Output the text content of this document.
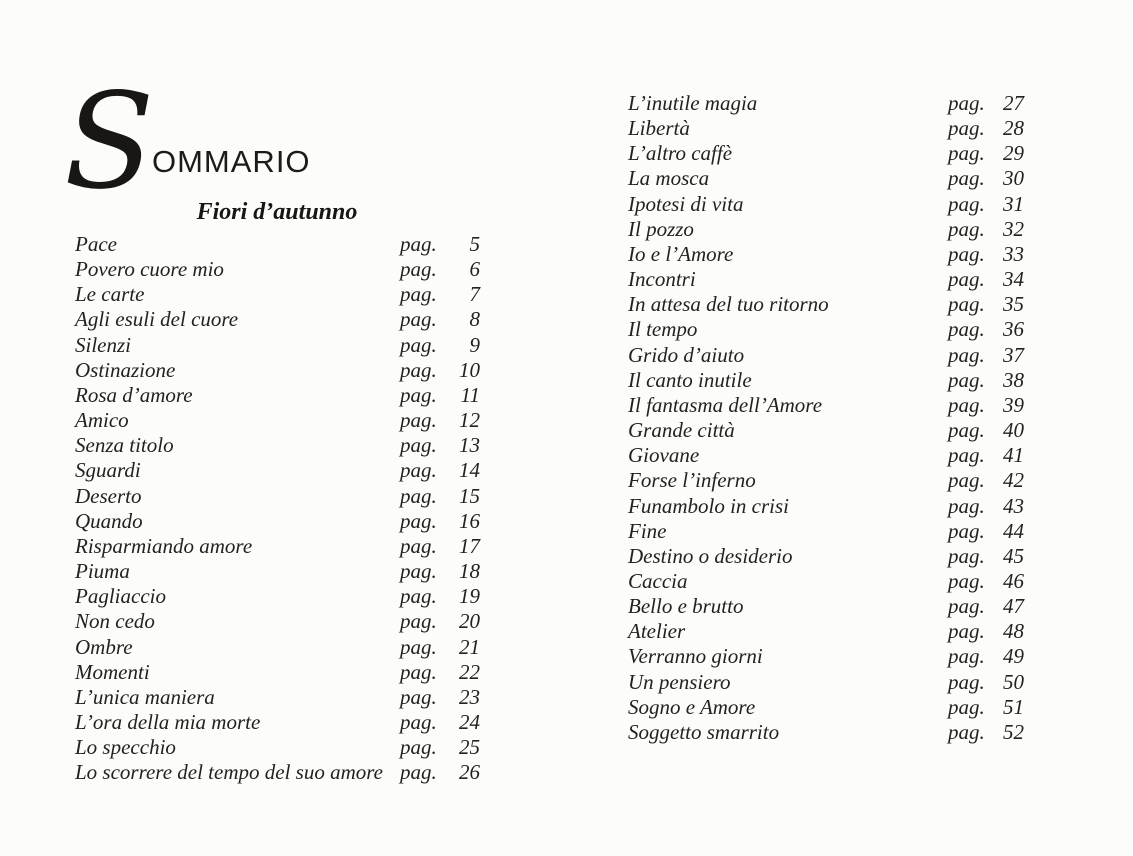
S
OMMARIO
Fiori d’autunno
Pace	pag.	5
Povero cuore mio	pag.	6
Le carte	pag.	7
Agli esuli del cuore	pag.	8
Silenzi	pag.	9
Ostinazione	pag.	10
Rosa d’amore	pag.	11
Amico	pag.	12
Senza titolo	pag.	13
Sguardi	pag.	14
Deserto	pag.	15
Quando	pag.	16
Risparmiando amore	pag.	17
Piuma	pag.	18
Pagliaccio	pag.	19
Non cedo	pag.	20
Ombre	pag.	21
Momenti	pag.	22
L’unica maniera	pag.	23
L’ora della mia morte	pag.	24
Lo specchio	pag.	25
Lo scorrere del tempo del suo amore pag.	26
L’inutile magia	pag. 27
Libertà	pag. 28
L’altro caffè	pag. 29
La mosca	pag. 30
Ipotesi di vita	pag. 31
Il pozzo	pag. 32
Io e l’Amore	pag. 33
Incontri	pag. 34
In attesa del tuo ritorno	pag. 35
Il tempo	pag. 36
Grido d’aiuto	pag. 37
Il canto inutile	pag. 38
Il fantasma dell’Amore	pag. 39
Grande città	pag. 40
Giovane	pag. 41
Forse l’inferno	pag. 42
Funambolo in crisi	pag. 43
Fine	pag. 44
Destino o desiderio	pag. 45
Caccia	pag. 46
Bello e brutto	pag. 47
Atelier	pag. 48
Verranno giorni	pag. 49
Un pensiero	pag. 50
Sogno e Amore	pag. 51
Soggetto smarrito	pag. 52
